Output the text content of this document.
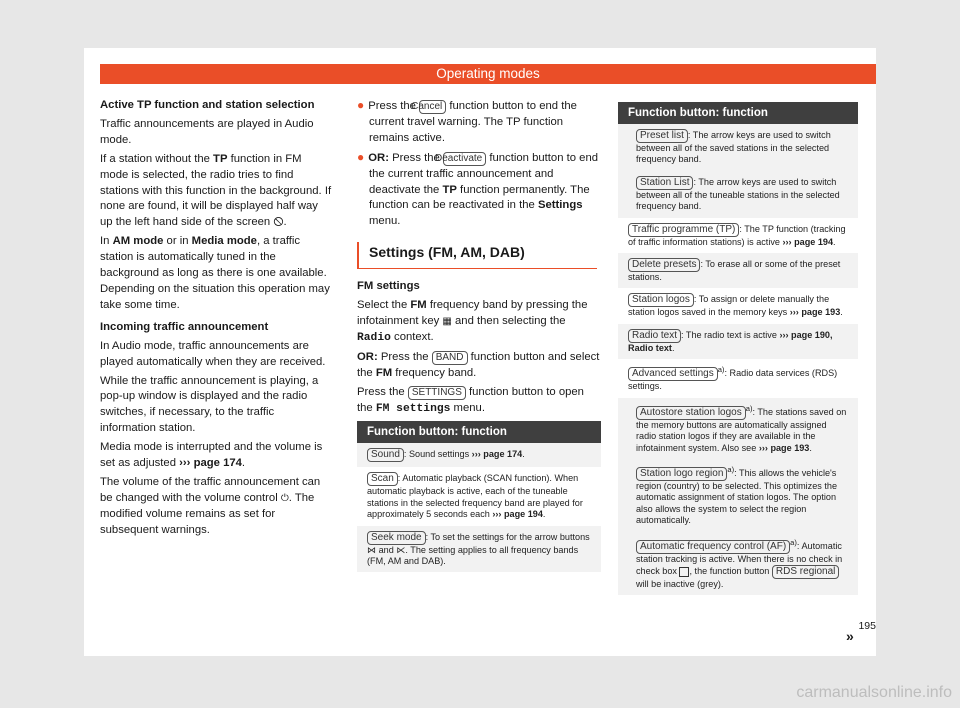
Operating modes

Active TP function and station selection

Traffic announcements are played in Audio mode.

If a station without the TP function in FM mode is selected, the radio tries to find stations with this function in the background. If none are found, it will be displayed half way up the left hand side of the screen 🛇.

In AM mode or in Media mode, a traffic station is automatically tuned in the background as long as there is one available. Depending on the situation this operation may take some time.

Incoming traffic announcement

In Audio mode, traffic announcements are played automatically when they are received.

While the traffic announcement is playing, a pop-up window is displayed and the radio switches, if necessary, to the traffic information station.

Media mode is interrupted and the volume is set as adjusted ››› page 174.

The volume of the traffic announcement can be changed with the volume control ⏻. The modified volume remains as set for subsequent warnings.

● Press the Cancel function button to end the current travel warning. The TP function remains active.

● OR: Press the Deactivate function button to end the current traffic announcement and deactivate the TP function permanently. The function can be reactivated in the Settings menu.

Settings (FM, AM, DAB)

FM settings

Select the FM frequency band by pressing the infotainment key ▦ and then selecting the Radio context.

OR: Press the BAND function button and select the FM frequency band.

Press the SETTINGS function button to open the FM settings menu.

Function button: function
Sound : Sound settings ››› page 174.
Scan : Automatic playback (SCAN function). When automatic playback is active, each of the tuneable stations in the selected frequency band are played for approximately 5 seconds each ››› page 194.
Seek mode : To set the settings for the arrow buttons ⋈ and ⋉. The setting applies to all frequency bands (FM, AM and DAB).
Function button: function
Preset list : The arrow keys are used to switch between all of the saved stations in the selected frequency band.
Station List : The arrow keys are used to switch between all of the tuneable stations in the selected frequency band.
Traffic programme (TP) : The TP function (tracking of traffic information stations) is active ››› page 194.
Delete presets : To erase all or some of the preset stations.
Station logos : To assign or delete manually the station logos saved in the memory keys ››› page 193.
Radio text : The radio text is active ››› page 190, Radio text.
Advanced settings $^{a)}$: Radio data services (RDS) settings.
Autostore station logos $^{a)}$: The stations saved on the memory buttons are automatically assigned radio station logos if they are available in the infotainment system. Also see ››› page 193.
Station logo region $^{a)}$: This allows the vehicle's region (country) to be selected. This optimizes the automatic assignment of station logos. The option also allows the system to select the region automatically.
Automatic frequency control (AF) $^{a)}$: Automatic station tracking is active. When there is no check in check box , the function button RDS regional will be inactive (grey).
»
195
carmanualsonline.info
